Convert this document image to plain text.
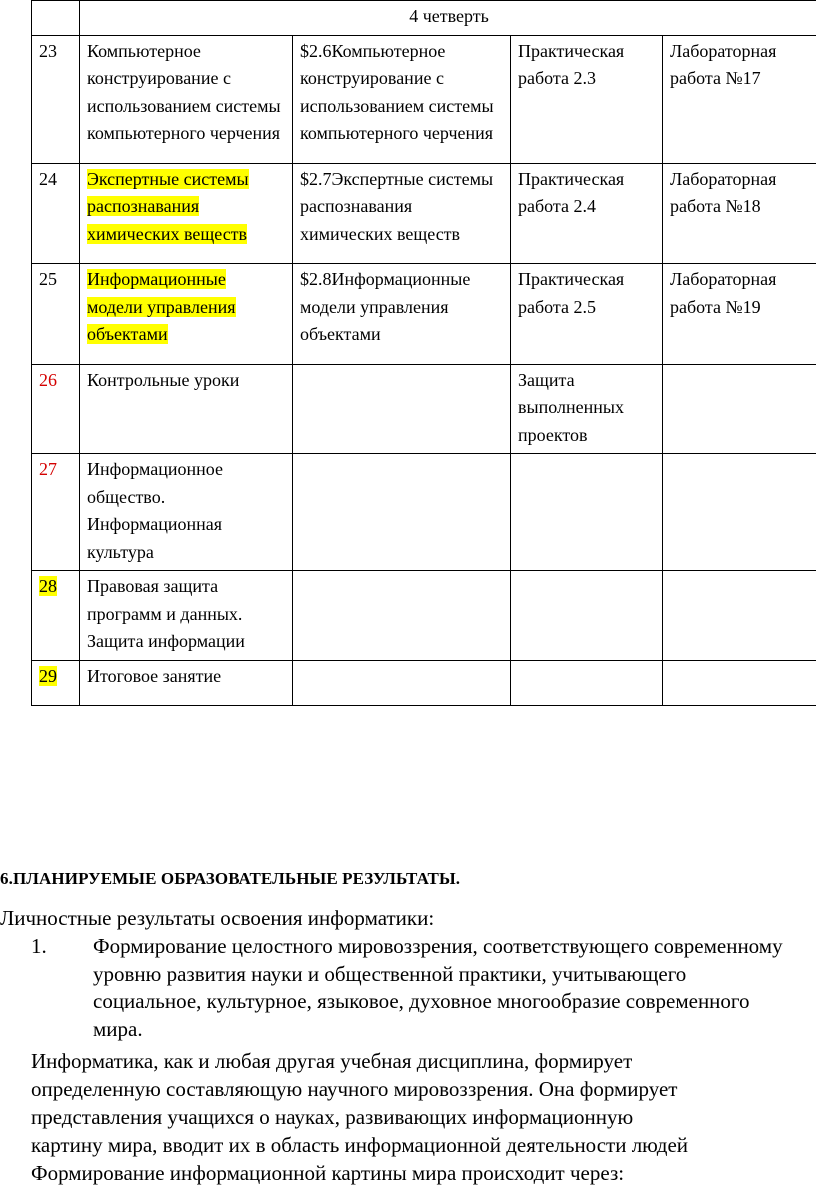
	4 четверть			
23	Компьютерное конструирование с использованием системы компьютерного черчения	$2.6Компьютерное конструирование с использованием системы компьютерного черчения	Практическая работа 2.3	Лабораторная работа №17
24	Экспертные системы распознавания химических веществ	$2.7Экспертные системы распознавания химических веществ	Практическая работа 2.4	Лабораторная работа №18
25	Информационные модели управления объектами	$2.8Информационные модели управления объектами	Практическая работа 2.5	Лабораторная работа №19
26	Контрольные уроки		Защита выполненных проектов	
27	Информационное общество. Информационная культура			
28	Правовая защита программ и данных. Защита информации			
29	Итоговое занятие			
6.ПЛАНИРУЕМЫЕ ОБРАЗОВАТЕЛЬНЫЕ РЕЗУЛЬТАТЫ.
Личностные результаты освоения информатики:
1. Формирование целостного мировоззрения, соответствующего современному уровню развития науки и общественной практики, учитывающего социальное, культурное, языковое, духовное многообразие современного мира.
Информатика, как и любая другая учебная дисциплина, формирует
определенную составляющую научного мировоззрения. Она формирует
представления учащихся о науках, развивающих информационную
картину мира, вводит их в область информационной деятельности людей
Формирование информационной картины мира происходит через:
